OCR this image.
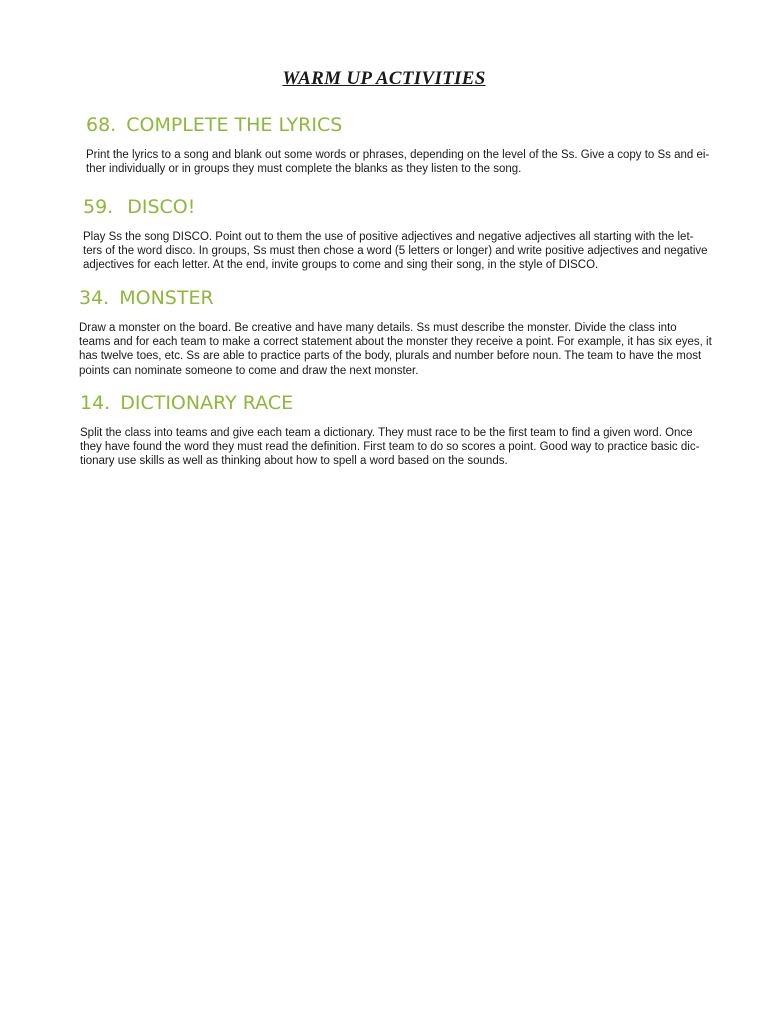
WARM UP ACTIVITIES
68. COMPLETE THE LYRICS
Print the lyrics to a song and blank out some words or phrases, depending on the level of the Ss. Give a copy to Ss and ei-
ther individually or in groups they must complete the blanks as they listen to the song.
59. DISCO!
Play Ss the song DISCO. Point out to them the use of positive adjectives and negative adjectives all starting with the let-
ters of the word disco. In groups, Ss must then chose a word (5 letters or longer) and write positive adjectives and negative
adjectives for each letter. At the end, invite groups to come and sing their song, in the style of DISCO.
34. MONSTER
Draw a monster on the board. Be creative and have many details. Ss must describe the monster. Divide the class into
teams and for each team to make a correct statement about the monster they receive a point. For example, it has six eyes, it
has twelve toes, etc. Ss are able to practice parts of the body, plurals and number before noun. The team to have the most
points can nominate someone to come and draw the next monster.
14. DICTIONARY RACE
Split the class into teams and give each team a dictionary. They must race to be the first team to find a given word. Once
they have found the word they must read the definition. First team to do so scores a point. Good way to practice basic dic-
tionary use skills as well as thinking about how to spell a word based on the sounds.
